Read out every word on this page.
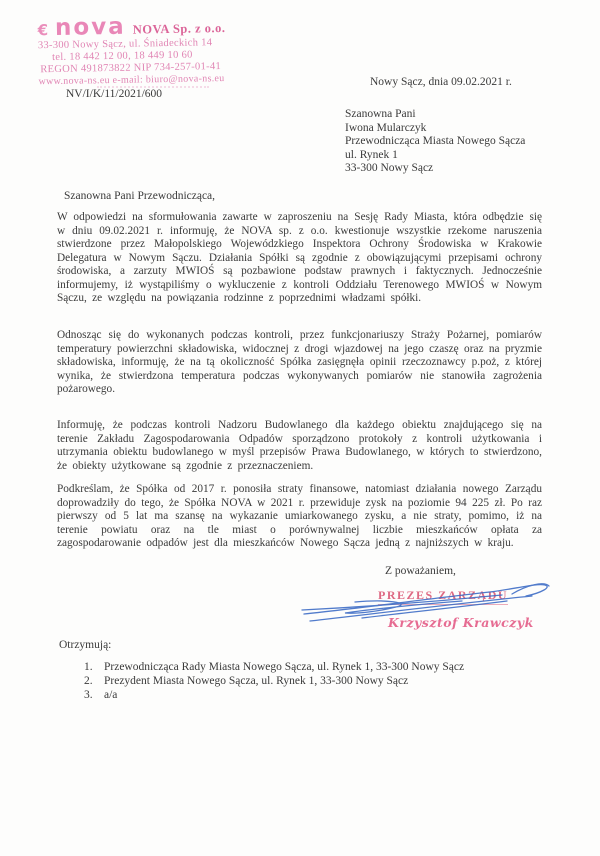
€ nova NOVA Sp. z o.o.
33-300 Nowy Sącz, ul. Śniadeckich 14
tel. 18 442 12 00, 18 449 10 60
REGON 491873822 NIP 734-257-01-41
www.nova-ns.eu e-mail: biuro@nova-ns.eu	Nowy Sącz, dnia 09.02.2021 r.
NV/I/K/11/2021/600
Szanowna Pani
Iwona Mularczyk
Przewodnicząca Miasta Nowego Sącza
ul. Rynek 1
33-300 Nowy Sącz
Szanowna Pani Przewodnicząca,
W odpowiedzi na sformułowania zawarte w zaproszeniu na Sesję Rady Miasta, która odbędzie się w dniu 09.02.2021 r. informuję, że NOVA sp. z o.o. kwestionuje wszystkie rzekome naruszenia stwierdzone przez Małopolskiego Wojewódzkiego Inspektora Ochrony Środowiska w Krakowie Delegatura w Nowym Sączu. Działania Spółki są zgodnie z obowiązującymi przepisami ochrony środowiska, a zarzuty MWIOŚ są pozbawione podstaw prawnych i faktycznych. Jednocześnie informujemy, iż wystąpiliśmy o wykluczenie z kontroli Oddziału Terenowego MWIOŚ w Nowym Sączu, ze względu na powiązania rodzinne z poprzednimi władzami spółki.
Odnosząc się do wykonanych podczas kontroli, przez funkcjonariuszy Straży Pożarnej, pomiarów temperatury powierzchni składowiska, widocznej z drogi wjazdowej na jego czaszę oraz na pryzmie składowiska, informuję, że na tą okoliczność Spółka zasięgnęła opinii rzeczoznawcy p.poż, z której wynika, że stwierdzona temperatura podczas wykonywanych pomiarów nie stanowiła zagrożenia pożarowego.
Informuję, że podczas kontroli Nadzoru Budowlanego dla każdego obiektu znajdującego się na terenie Zakładu Zagospodarowania Odpadów sporządzono protokoły z kontroli użytkowania i utrzymania obiektu budowlanego w myśl przepisów Prawa Budowlanego, w których to stwierdzono, że obiekty użytkowane są zgodnie z przeznaczeniem.
Podkreślam, że Spółka od 2017 r. ponosiła straty finansowe, natomiast działania nowego Zarządu doprowadziły do tego, że Spółka NOVA w 2021 r. przewiduje zysk na poziomie 94 225 zł. Po raz pierwszy od 5 lat ma szansę na wykazanie umiarkowanego zysku, a nie straty, pomimo, iż na terenie powiatu oraz na tle miast o porównywalnej liczbie mieszkańców opłata za zagospodarowanie odpadów jest dla mieszkańców Nowego Sącza jedną z najniższych w kraju.
Z poważaniem,
PREZES ZARZĄDU
Krzysztof Krawczyk
Otrzymują:
1. Przewodnicząca Rady Miasta Nowego Sącza, ul. Rynek 1, 33-300 Nowy Sącz
2. Prezydent Miasta Nowego Sącza, ul. Rynek 1, 33-300 Nowy Sącz
3. a/a
